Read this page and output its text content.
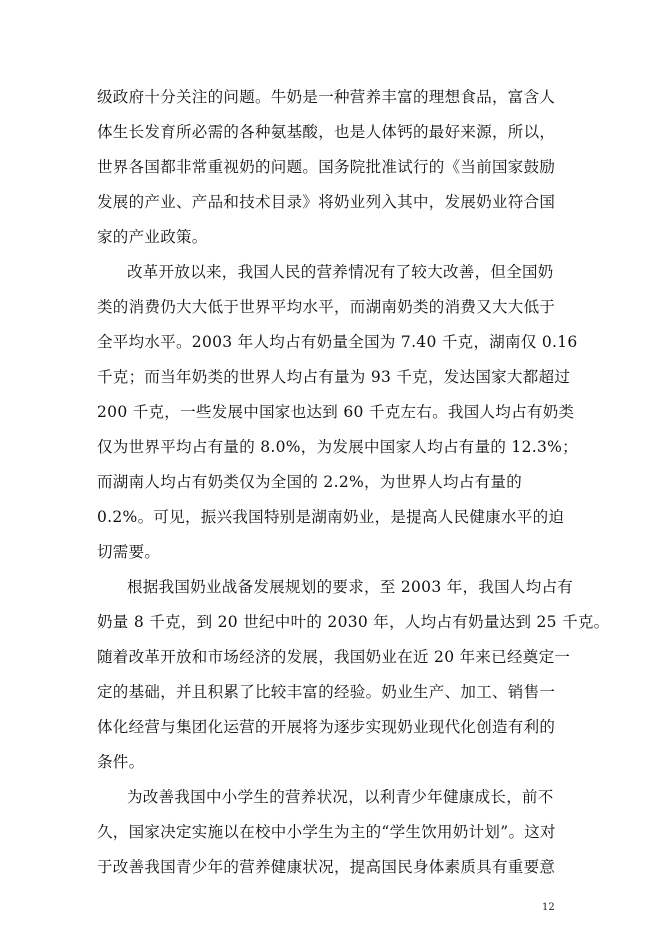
级政府十分关注的问题。牛奶是一种营养丰富的理想食品，富含人
体生长发育所必需的各种氨基酸，也是人体钙的最好来源，所以，
世界各国都非常重视奶的问题。国务院批准试行的《当前国家鼓励
发展的产业、产品和技术目录》将奶业列入其中，发展奶业符合国
家的产业政策。
改革开放以来，我国人民的营养情况有了较大改善，但全国奶
类的消费仍大大低于世界平均水平，而湖南奶类的消费又大大低于
全平均水平。2003 年人均占有奶量全国为 7.40 千克，湖南仅 0.16
千克；而当年奶类的世界人均占有量为 93 千克，发达国家大都超过
200 千克，一些发展中国家也达到 60 千克左右。我国人均占有奶类
仅为世界平均占有量的 8.0%，为发展中国家人均占有量的 12.3%；
而湖南人均占有奶类仅为全国的 2.2%，为世界人均占有量的
0.2%。可见，振兴我国特别是湖南奶业，是提高人民健康水平的迫
切需要。
根据我国奶业战备发展规划的要求，至 2003 年，我国人均占有
奶量 8 千克，到 20 世纪中叶的 2030 年，人均占有奶量达到 25 千克。
随着改革开放和市场经济的发展，我国奶业在近 20 年来已经奠定一
定的基础，并且积累了比较丰富的经验。奶业生产、加工、销售一
体化经营与集团化运营的开展将为逐步实现奶业现代化创造有利的
条件。
为改善我国中小学生的营养状况，以利青少年健康成长，前不
久，国家决定实施以在校中小学生为主的“学生饮用奶计划”。这对
于改善我国青少年的营养健康状况，提高国民身体素质具有重要意
12
